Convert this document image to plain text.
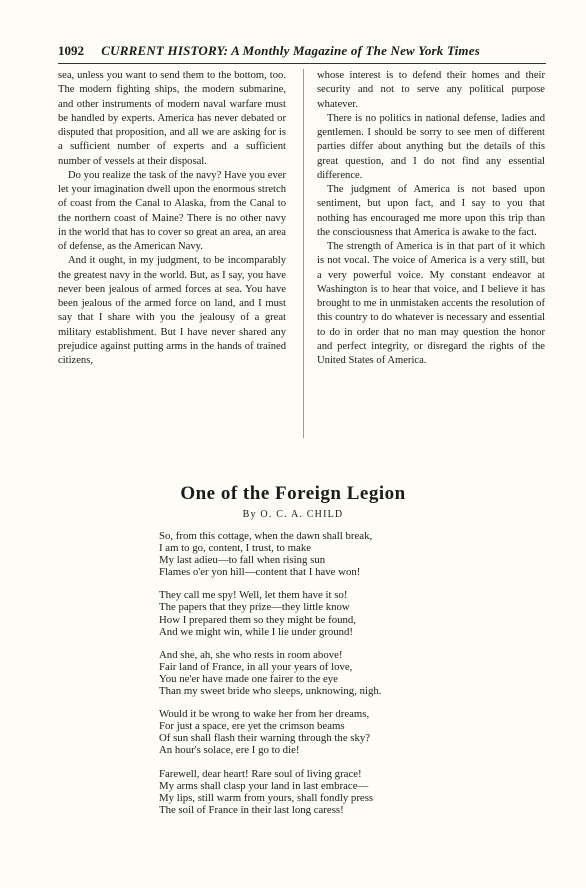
1092 CURRENT HISTORY: A Monthly Magazine of The New York Times

sea, unless you want to send them to the bottom, too. The modern fighting ships, the modern submarine, and other instruments of modern naval warfare must be handled by experts. America has never debated or disputed that proposition, and all we are asking for is a sufficient number of experts and a sufficient number of vessels at their disposal.

Do you realize the task of the navy? Have you ever let your imagination dwell upon the enormous stretch of coast from the Canal to Alaska, from the Canal to the northern coast of Maine? There is no other navy in the world that has to cover so great an area, an area of defense, as the American Navy.

And it ought, in my judgment, to be incomparably the greatest navy in the world. But, as I say, you have never been jealous of armed forces at sea. You have been jealous of the armed force on land, and I must say that I share with you the jealousy of a great military establishment. But I have never shared any prejudice against putting arms in the hands of trained citizens,

whose interest is to defend their homes and their security and not to serve any political purpose whatever.

There is no politics in national defense, ladies and gentlemen. I should be sorry to see men of different parties differ about anything but the details of this great question, and I do not find any essential difference.

The judgment of America is not based upon sentiment, but upon fact, and I say to you that nothing has encouraged me more upon this trip than the consciousness that America is awake to the fact.

The strength of America is in that part of it which is not vocal. The voice of America is a very still, but a very powerful voice. My constant endeavor at Washington is to hear that voice, and I believe it has brought to me in unmistaken accents the resolution of this country to do whatever is necessary and essential to do in order that no man may question the honor and perfect integrity, or disregard the rights of the United States of America.

One of the Foreign Legion
By O. C. A. CHILD
So, from this cottage, when the dawn shall break,
I am to go, content, I trust, to make
My last adieu—to fall when rising sun
Flames o'er yon hill—content that I have won!
They call me spy! Well, let them have it so!
The papers that they prize—they little know
How I prepared them so they might be found,
And we might win, while I lie under ground!
And she, ah, she who rests in room above!
Fair land of France, in all your years of love,
You ne'er have made one fairer to the eye
Than my sweet bride who sleeps, unknowing, nigh.
Would it be wrong to wake her from her dreams,
For just a space, ere yet the crimson beams
Of sun shall flash their warning through the sky?
An hour's solace, ere I go to die!
Farewell, dear heart! Rare soul of living grace!
My arms shall clasp your land in last embrace—
My lips, still warm from yours, shall fondly press
The soil of France in their last long caress!
